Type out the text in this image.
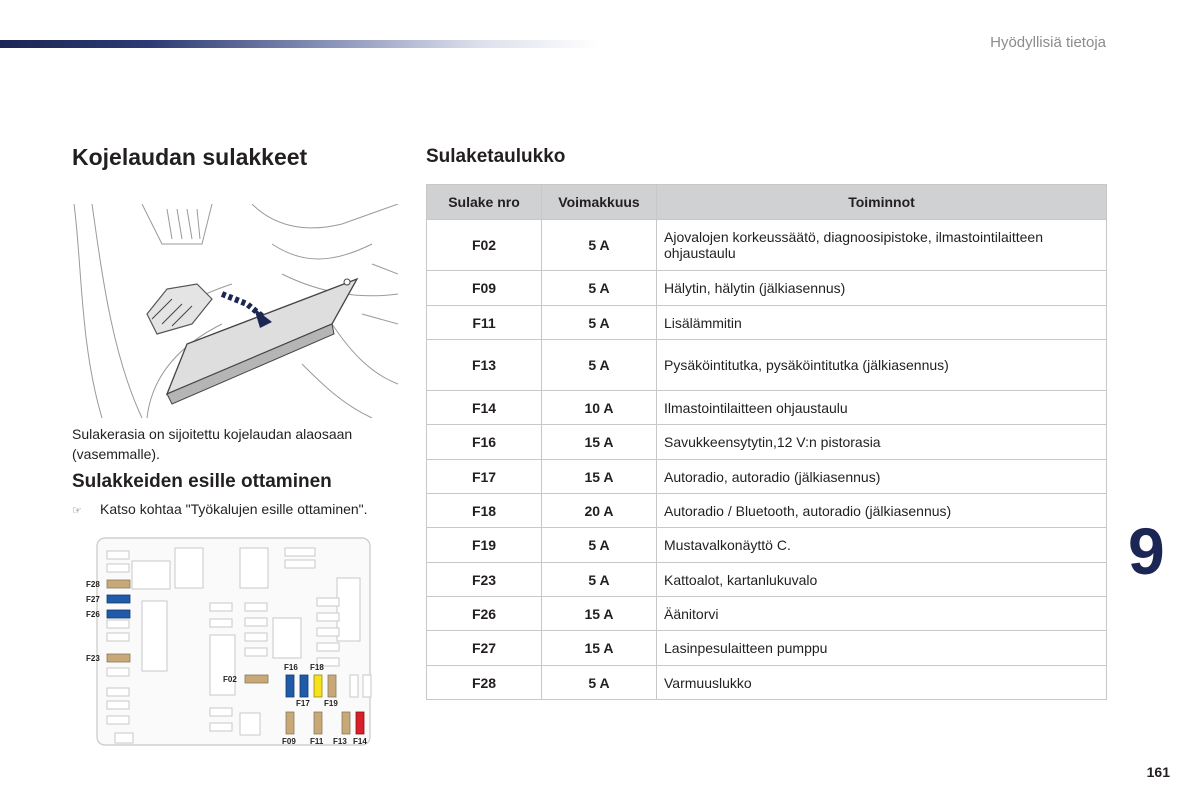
Hyödyllisiä tietoja
Kojelaudan sulakkeet	Sulaketaulukko

Sulakerasia on sijoitettu kojelaudan alaosaan (vasemmalle).

Sulakkeiden esille ottaminen
☞ Katso kohtaa "Työkalujen esille ottaminen".
F28
F27
F26
F23
F02
F16 F18
F17 F19
F09 F11 F13 F14
Sulake nro	Voimakkuus	Toiminnot
F02	5 A	Ajovalojen korkeussäätö, diagnoosipistoke, ilmastointilaitteen ohjaustaulu
F09	5 A	Hälytin, hälytin (jälkiasennus)
F11	5 A	Lisälämmitin
F13	5 A	Pysäköintitutka, pysäköintitutka (jälkiasennus)
F14	10 A	Ilmastointilaitteen ohjaustaulu
F16	15 A	Savukkeensytytin,12 V:n pistorasia
F17	15 A	Autoradio, autoradio (jälkiasennus)
F18	20 A	Autoradio / Bluetooth, autoradio (jälkiasennus)
F19	5 A	Mustavalkonäyttö C.
F23	5 A	Kattoalot, kartanlukuvalo
F26	15 A	Äänitorvi
F27	15 A	Lasinpesulaitteen pumppu
F28	5 A	Varmuuslukko
9
161
